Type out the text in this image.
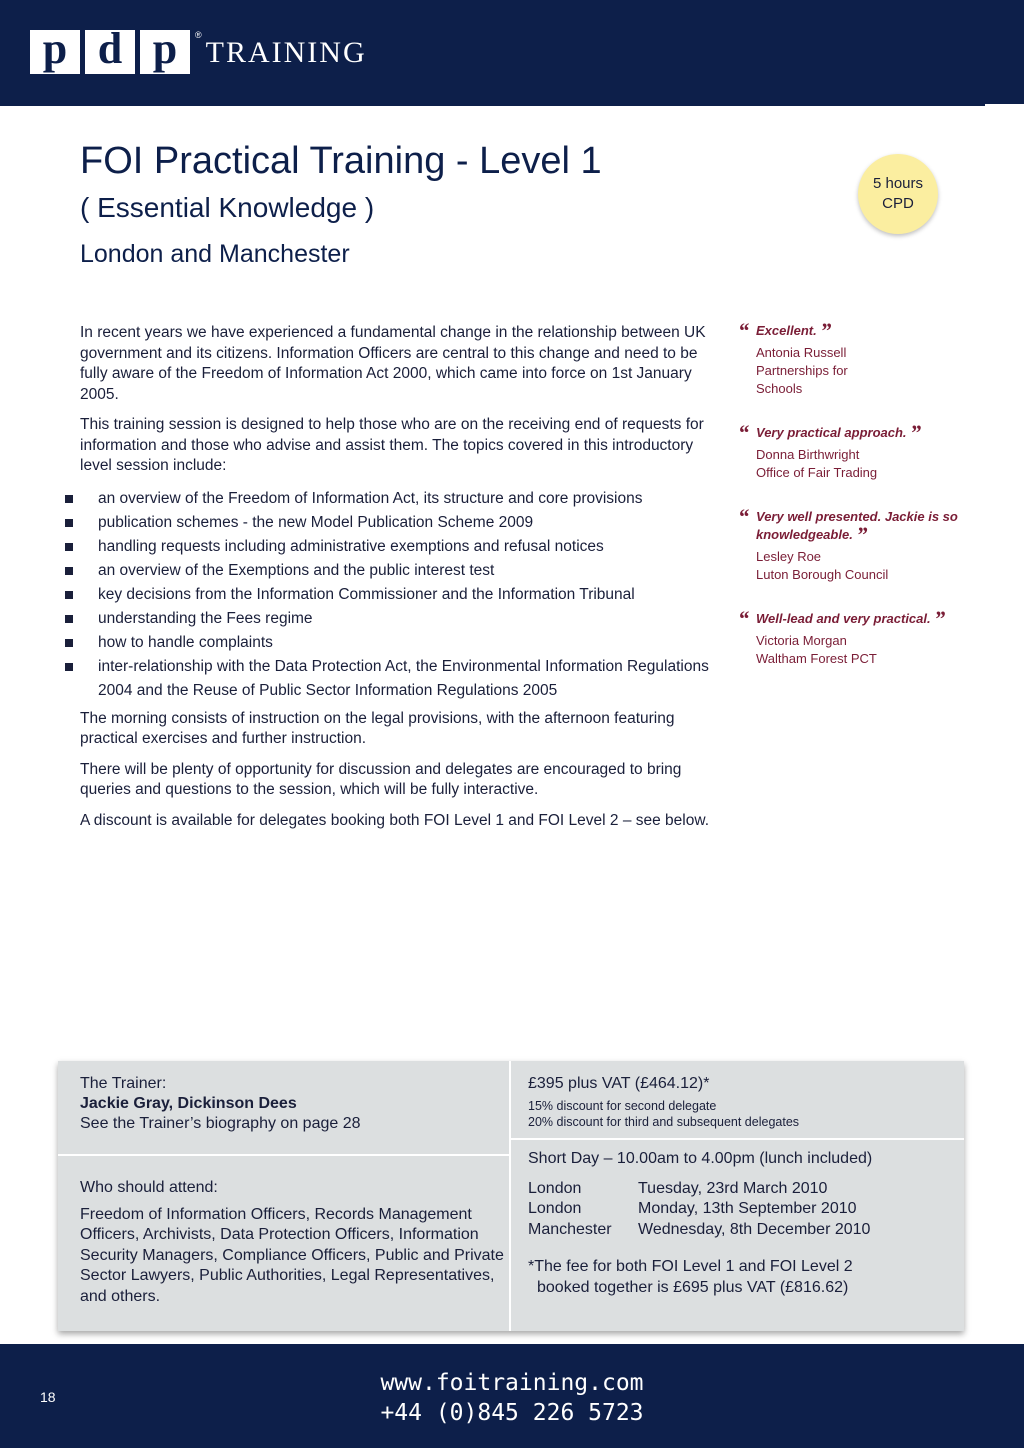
p d p	®
TRAINING
FOI Practical Training - Level 1
( Essential Knowledge )
London and Manchester
5 hours
CPD

In recent years we have experienced a fundamental change in the relationship between UK government and its citizens. Information Officers are central to this change and need to be fully aware of the Freedom of Information Act 2000, which came into force on 1st January 2005.

This training session is designed to help those who are on the receiving end of requests for information and those who advise and assist them. The topics covered in this introductory level session include:

an overview of the Freedom of Information Act, its structure and core provisions
publication schemes - the new Model Publication Scheme 2009
handling requests including administrative exemptions and refusal notices
an overview of the Exemptions and the public interest test
key decisions from the Information Commissioner and the Information Tribunal
understanding the Fees regime
how to handle complaints
inter-relationship with the Data Protection Act, the Environmental Information Regulations 2004 and the Reuse of Public Sector Information Regulations 2005

The morning consists of instruction on the legal provisions, with the afternoon featuring practical exercises and further instruction.

There will be plenty of opportunity for discussion and delegates are encouraged to bring queries and questions to the session, which will be fully interactive.

A discount is available for delegates booking both FOI Level 1 and FOI Level 2 – see below.

“ Excellent. ”
Antonia Russell
Partnerships for Schools
“ Very practical approach. ”
Donna Birthwright
Office of Fair Trading
“ Very well presented. Jackie is so knowledgeable. ”
Lesley Roe
Luton Borough Council
“ Well-lead and very practical. ”
Victoria Morgan
Waltham Forest PCT
The Trainer:
Jackie Gray, Dickinson Dees
See the Trainer’s biography on page 28
Who should attend:
Freedom of Information Officers, Records Management Officers, Archivists, Data Protection Officers, Information Security Managers, Compliance Officers, Public and Private Sector Lawyers, Public Authorities, Legal Representatives, and others.
£395 plus VAT (£464.12)*
15% discount for second delegate
20% discount for third and subsequent delegates
Short Day – 10.00am to 4.00pm (lunch included)
London	Tuesday, 23rd March 2010
London	Monday, 13th September 2010
Manchester	Wednesday, 8th December 2010
*The fee for both FOI Level 1 and FOI Level 2
booked together is £695 plus VAT (£816.62)
18
www.foitraining.com
+44 (0)845 226 5723
